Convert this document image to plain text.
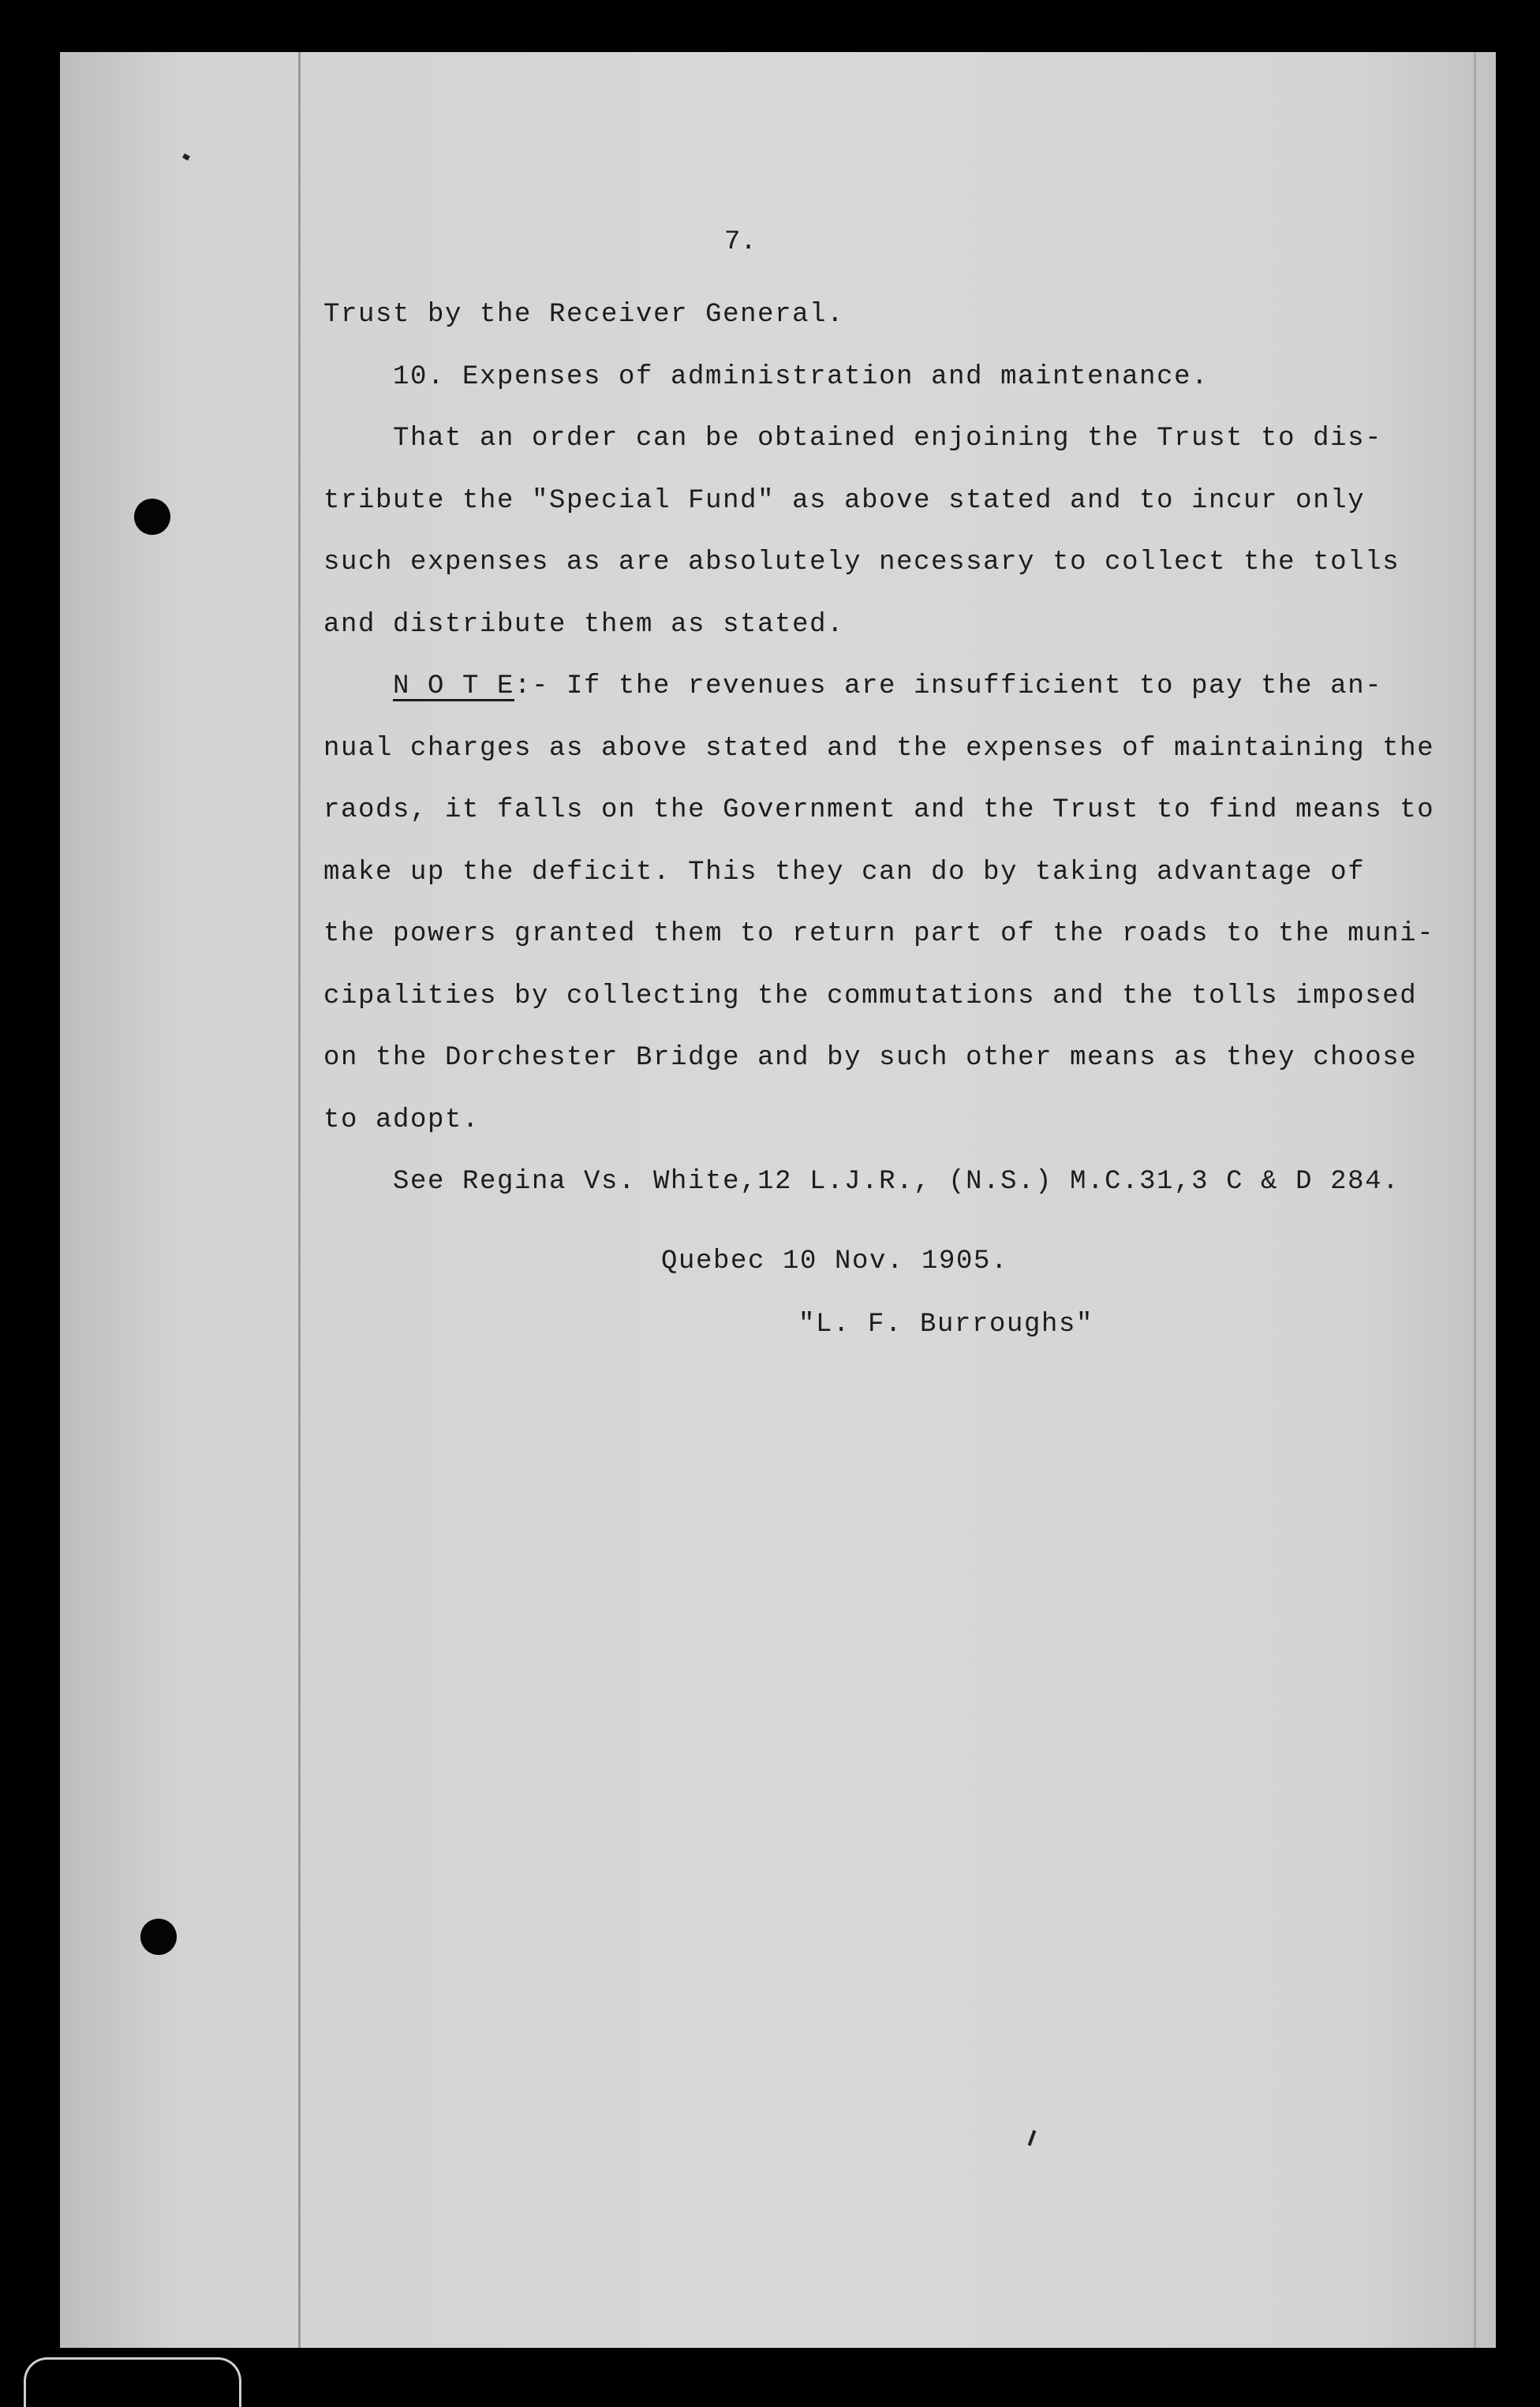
7.
Trust by the Receiver General.
10. Expenses of administration and maintenance.
That an order can be obtained enjoining the Trust to dis-
tribute the "Special Fund" as above stated and to incur only
such expenses as are absolutely necessary to collect the tolls
and distribute them as stated.
N O T E:- If the revenues are insufficient to pay the an-
nual charges as above stated and the expenses of maintaining the
raods, it falls on the Government and the Trust to find means to
make up the deficit. This they can do by taking advantage of
the powers granted them to return part of the roads to the muni-
cipalities by collecting the commutations and the tolls imposed
on the Dorchester Bridge and by such other means as they choose
to adopt.
See Regina Vs. White,12 L.J.R., (N.S.) M.C.31,3 C & D 284.
Quebec 10 Nov. 1905.
"L. F. Burroughs"
